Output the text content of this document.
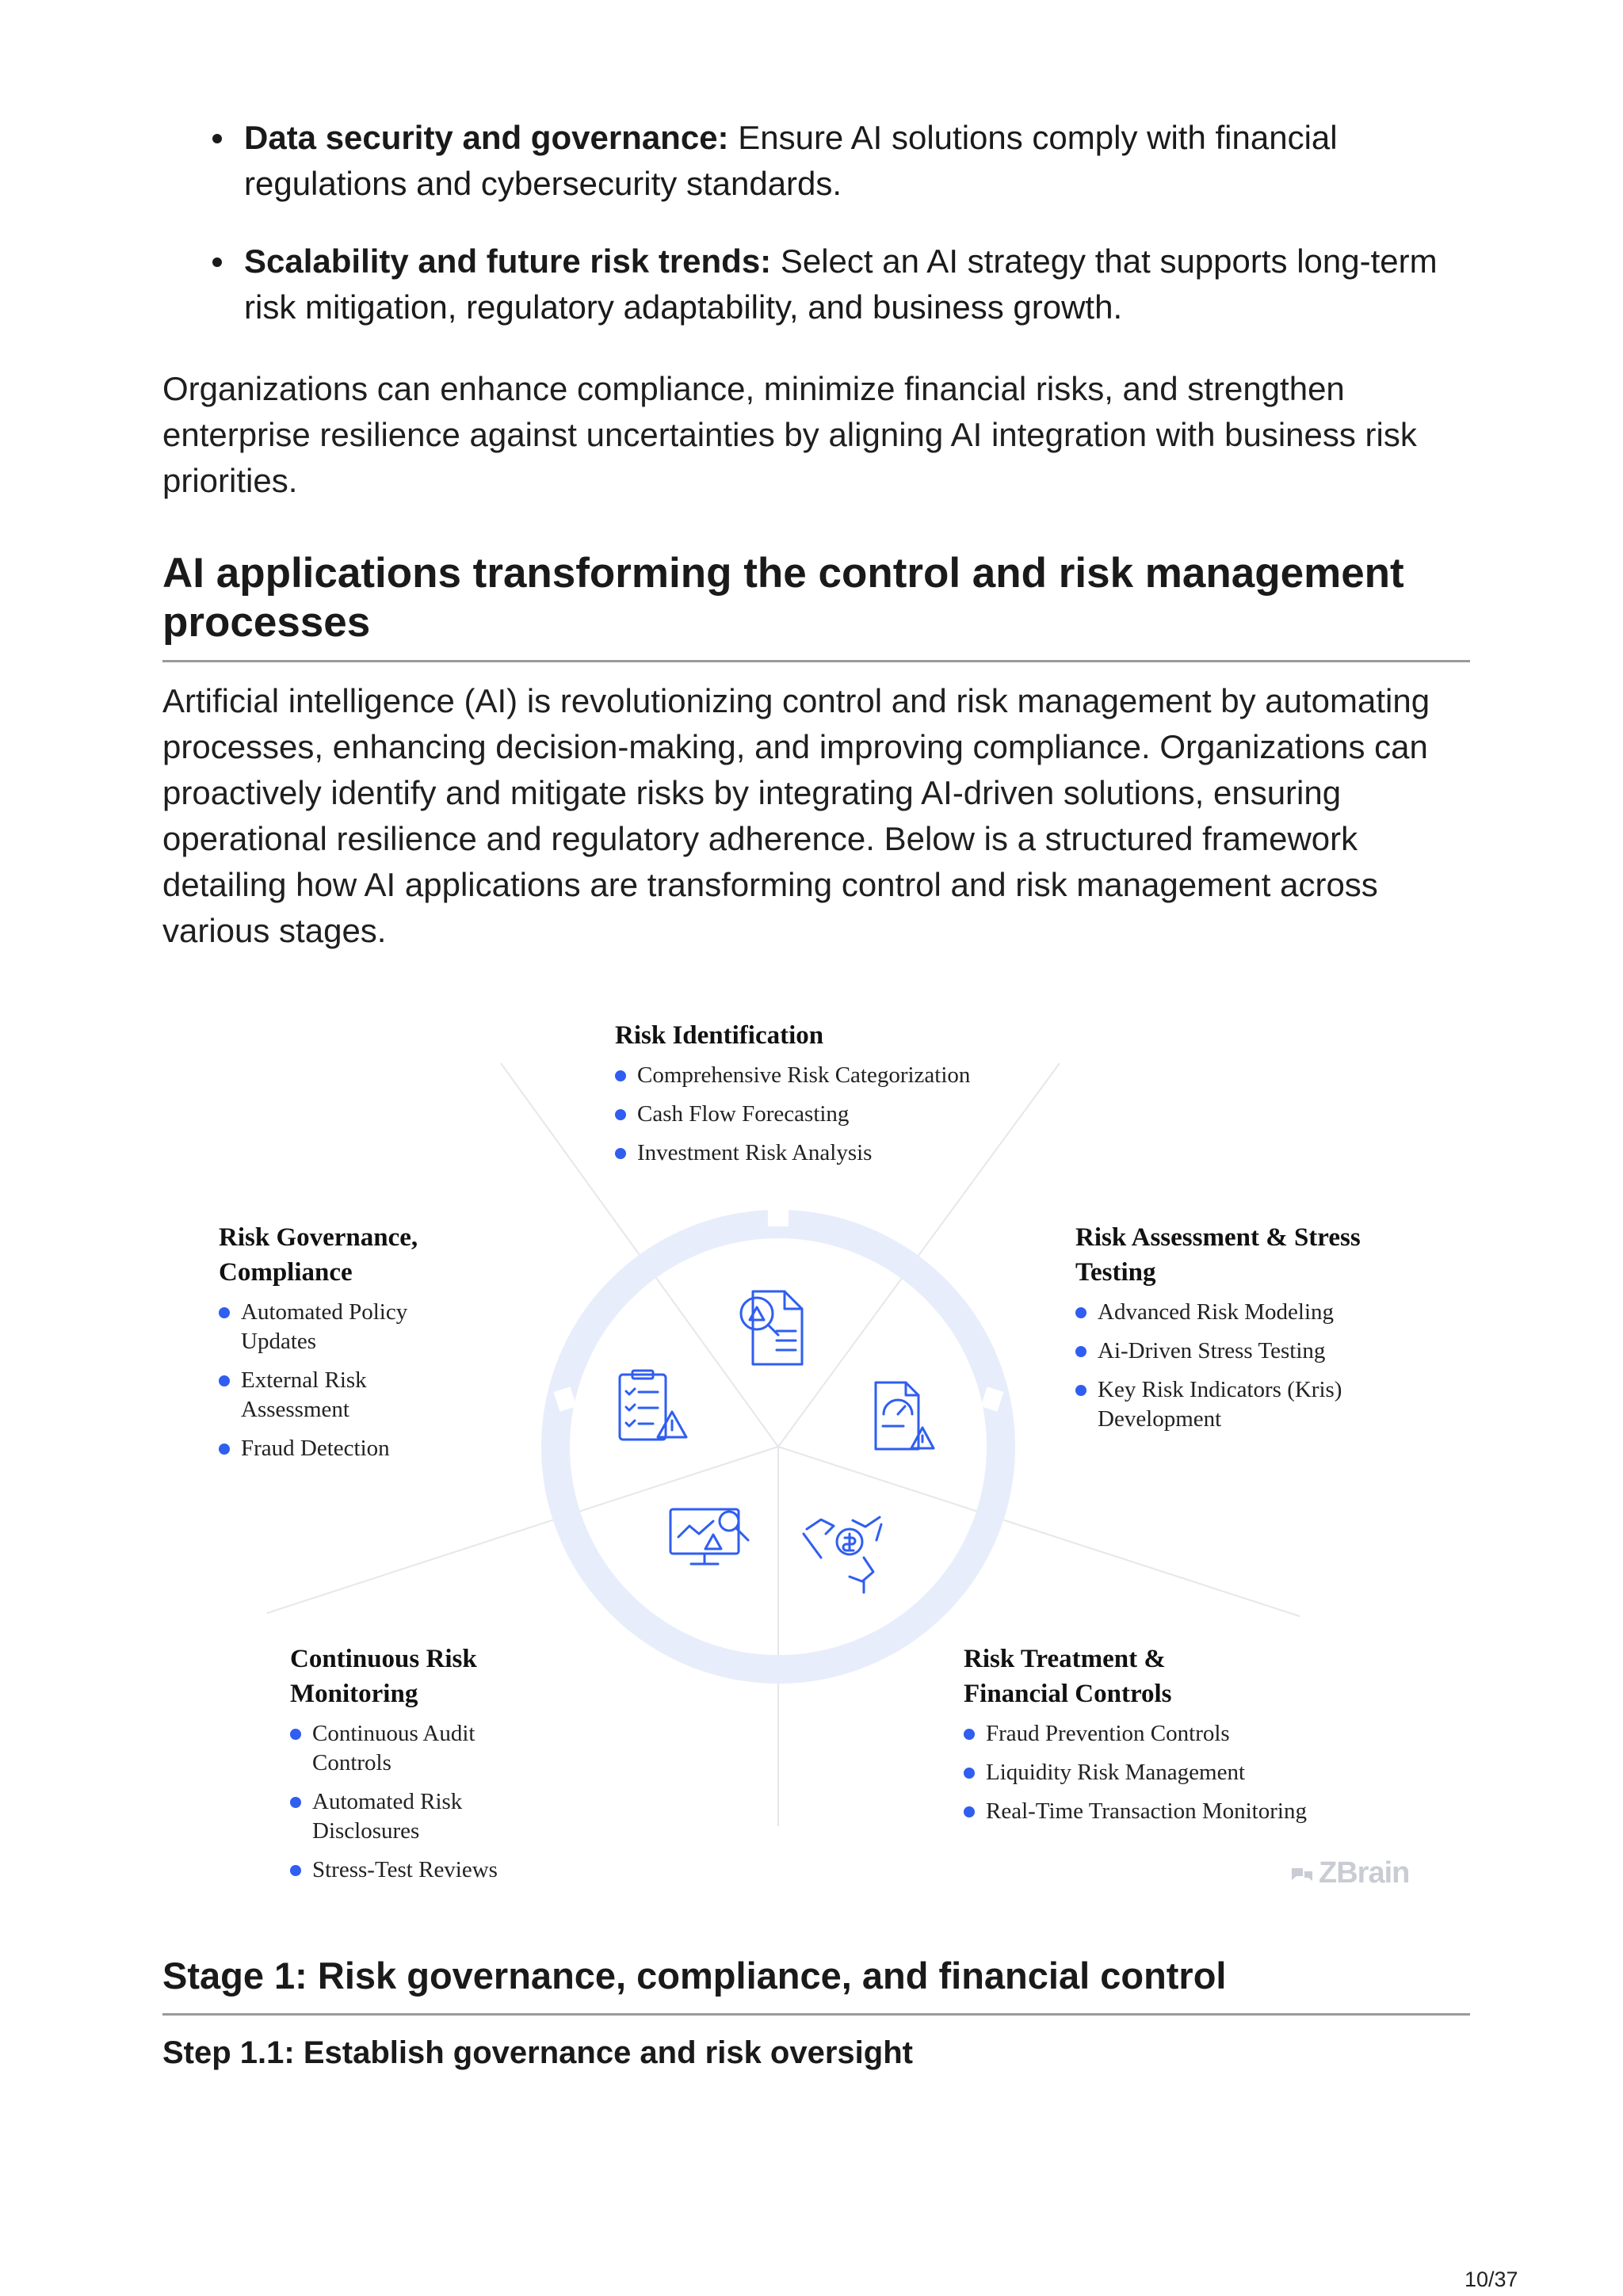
Data security and governance: Ensure AI solutions comply with financial regulations and cybersecurity standards.
Scalability and future risk trends: Select an AI strategy that supports long-term risk mitigation, regulatory adaptability, and business growth.

Organizations can enhance compliance, minimize financial risks, and strengthen enterprise resilience against uncertainties by aligning AI integration with business risk priorities.

AI applications transforming the control and risk management processes

Artificial intelligence (AI) is revolutionizing control and risk management by automating processes, enhancing decision-making, and improving compliance. Organizations can proactively identify and mitigate risks by integrating AI-driven solutions, ensuring operational resilience and regulatory adherence. Below is a structured framework detailing how AI applications are transforming control and risk management across various stages.

Risk Identification
Comprehensive Risk Categorization
Cash Flow Forecasting
Investment Risk Analysis
Risk Assessment & Stress Testing
Advanced Risk Modeling
Ai-Driven Stress Testing
Key Risk Indicators (Kris) Development
Risk Governance, Compliance
Automated Policy Updates
External Risk Assessment
Fraud Detection
Continuous Risk Monitoring
Continuous Audit Controls
Automated Risk Disclosures
Stress-Test Reviews
Risk Treatment & Financial Controls
Fraud Prevention Controls
Liquidity Risk Management
Real-Time Transaction Monitoring
ZBrain
Stage 1: Risk governance, compliance, and financial control
Step 1.1: Establish governance and risk oversight
10/37
